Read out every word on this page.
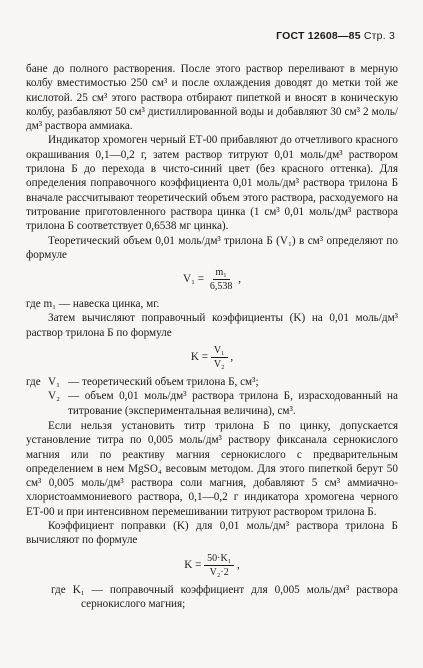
ГОСТ 12608—85 Стр. 3

бане до полного растворения. После этого раствор переливают в мерную колбу вместимостью 250 см³ и после охлаждения доводят до метки той же кислотой. 25 см³ этого раствора отбирают пипеткой и вносят в коническую колбу, разбавляют 50 см³ дистиллированной воды и добавляют 30 см³ 2 моль/дм³ раствора аммиака.

Индикатор хромоген черный ЕТ-00 прибавляют до отчетливого красного окрашивания 0,1—0,2 г, затем раствор титруют 0,01 моль/дм³ раствором трилона Б до перехода в чисто-синий цвет (без красного оттенка). Для определения поправочного коэффициента 0,01 моль/дм³ раствора трилона Б вначале рассчитывают теоретический объем этого раствора, расходуемого на титрование приготовленного раствора цинка (1 см³ 0,01 моль/дм³ раствора трилона Б соответствует 0,6538 мг цинка).

Теоретический объем 0,01 моль/дм³ трилона Б (V₁) в см³ определяют по формуле

$V_1 = \frac{\text{m₁}}{6,538}$ ,

где m₁ — навеска цинка, мг.

Затем вычисляют поправочный коэффициенты (K) на 0,01 моль/дм³ раствор трилона Б по формуле

$K = \frac{\text{V₁}}{\text{V₂}}$ ,
где V₁ — теоретический объем трилона Б, см³;
V₂ — объем 0,01 моль/дм³ раствора трилона Б, израсходованный на титрование (экспериментальная величина), см³.

Если нельзя установить титр трилона Б по цинку, допускается установление титра по 0,005 моль/дм³ раствору фиксанала сернокислого магния или по реактиву магния сернокислого с предварительным определением в нем MgSO₄ весовым методом. Для этого пипеткой берут 50 см³ 0,005 моль/дм³ раствора соли магния, добавляют 5 см³ аммиачно-хлористоаммониевого раствора, 0,1—0,2 г индикатора хромогена черного ЕТ-00 и при интенсивном перемешивании титруют раствором трилона Б.

Коэффициент поправки (K) для 0,01 моль/дм³ раствора трилона Б вычисляют по формуле

$K = \frac{\text{50·K₁}}{\text{V₂·2}}$ ,

где K₁ — поправочный коэффициент для 0,005 моль/дм³ раствора сернокислого магния;
